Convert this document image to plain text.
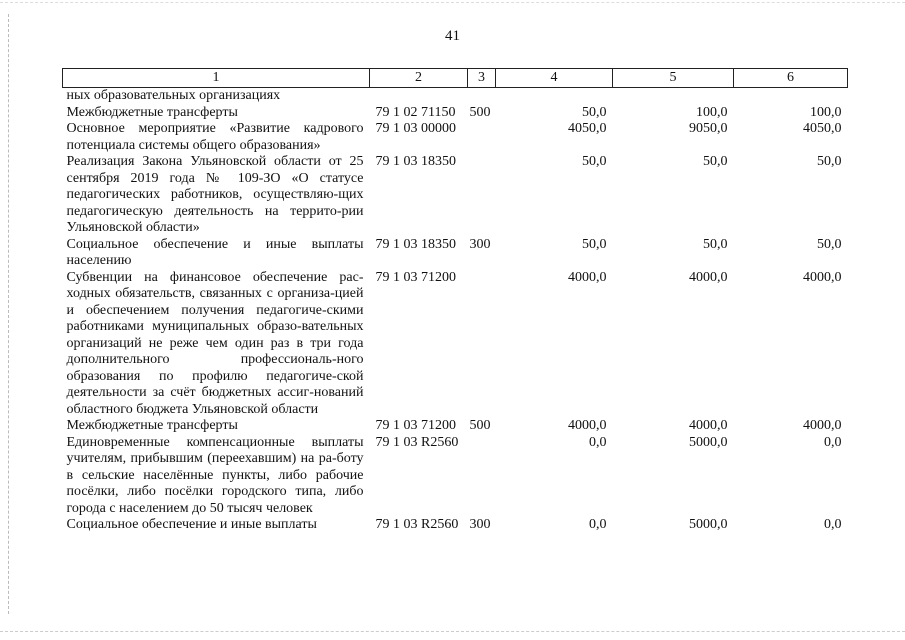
41
1	2	3	4	5	6
ных образовательных организациях					
Межбюджетные трансферты	79 1 02 71150	500	50,0	100,0	100,0
Основное мероприятие «Развитие кадрового потенциала системы общего образования»	79 1 03 00000		4050,0	9050,0	4050,0
Реализация Закона Ульяновской области от 25 сентября 2019 года № 109-ЗО «О статусе педагогических работников, осуществляю-щих педагогическую деятельность на террито-рии Ульяновской области»	79 1 03 18350		50,0	50,0	50,0
Социальное обеспечение и иные выплаты населению	79 1 03 18350	300	50,0	50,0	50,0
Субвенции на финансовое обеспечение рас-ходных обязательств, связанных с организа-цией и обеспечением получения педагогиче-скими работниками муниципальных образо-вательных организаций не реже чем один раз в три года дополнительного профессиональ-ного образования по профилю педагогиче-ской деятельности за счёт бюджетных ассиг-нований областного бюджета Ульяновской области	79 1 03 71200		4000,0	4000,0	4000,0
Межбюджетные трансферты	79 1 03 71200	500	4000,0	4000,0	4000,0
Единовременные компенсационные выплаты учителям, прибывшим (переехавшим) на ра-боту в сельские населённые пункты, либо рабочие посёлки, либо посёлки городского типа, либо города с населением до 50 тысяч человек	79 1 03 R2560		0,0	5000,0	0,0
Социальное обеспечение и иные выплаты	79 1 03 R2560	300	0,0	5000,0	0,0
